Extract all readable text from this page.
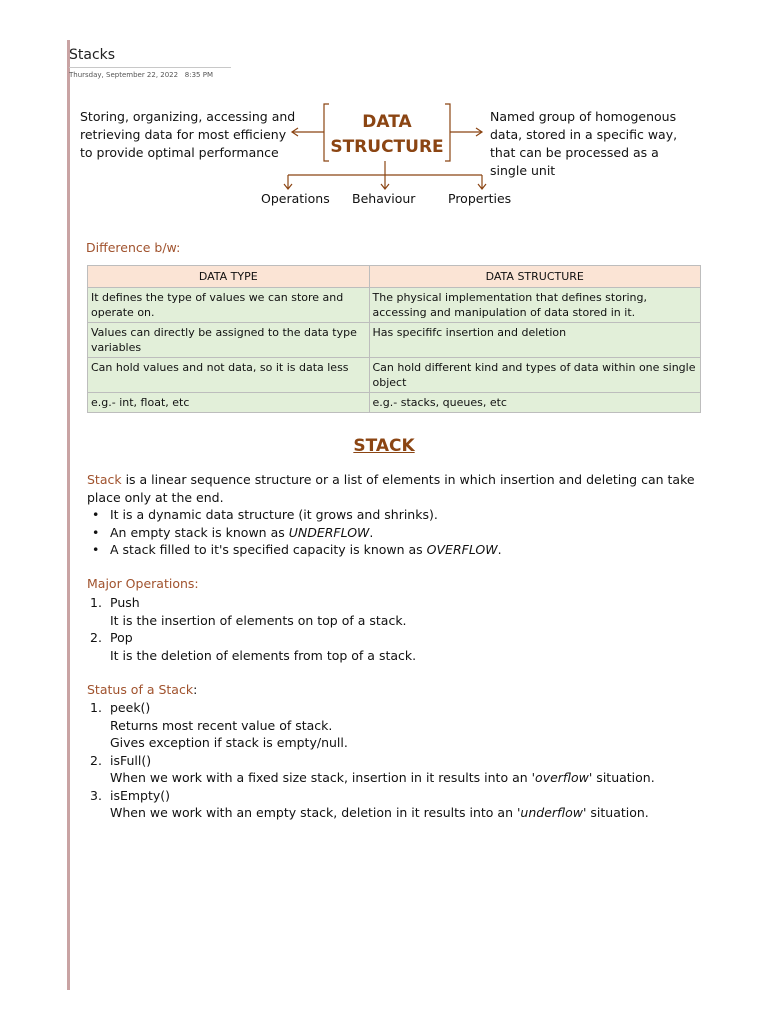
Stacks
Thursday, September 22, 2022 8:35 PM
Storing, organizing, accessing and retrieving data for most efficieny to provide optimal performance
DATA
STRUCTURE
Named group of homogenous data, stored in a specific way, that can be processed as a single unit
Operations Behaviour	Properties
Difference b/w:
DATA TYPE	DATA STRUCTURE
It defines the type of values we can store and operate on.	The physical implementation that defines storing, accessing and manipulation of data stored in it.
Values can directly be assigned to the data type variables	Has specififc insertion and deletion
Can hold values and not data, so it is data less	Can hold different kind and types of data within one single object
e.g.- int, float, etc	e.g.- stacks, queues, etc
STACK
Stack is a linear sequence structure or a list of elements in which insertion and deleting can take place only at the end.
• It is a dynamic data structure (it grows and shrinks).
• An empty stack is known as UNDERFLOW.
• A stack filled to it's specified capacity is known as OVERFLOW.
Major Operations:
1. Push
It is the insertion of elements on top of a stack.
2. Pop
It is the deletion of elements from top of a stack.
Status of a Stack:
1. peek()
Returns most recent value of stack.
Gives exception if stack is empty/null.
2. isFull()
When we work with a fixed size stack, insertion in it results into an 'overflow' situation.
3. isEmpty()
When we work with an empty stack, deletion in it results into an 'underflow' situation.
